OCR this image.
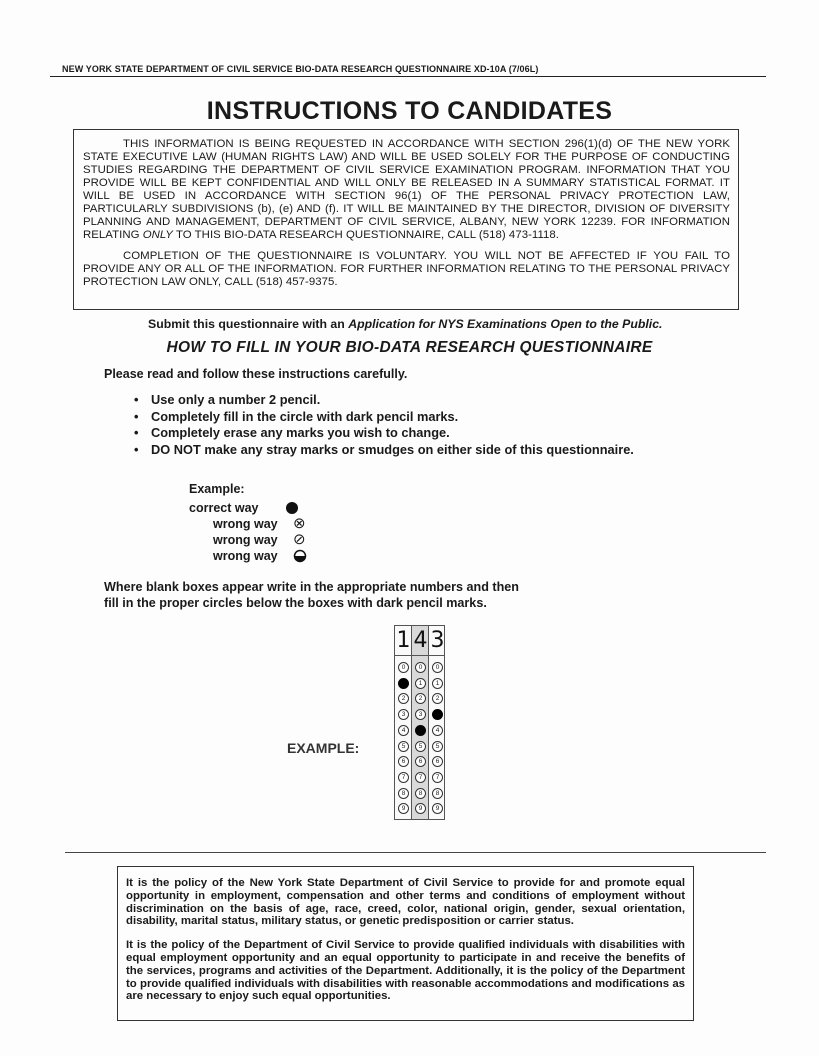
NEW YORK STATE DEPARTMENT OF CIVIL SERVICE BIO-DATA RESEARCH QUESTIONNAIRE XD-10A (7/06L)
INSTRUCTIONS TO CANDIDATES

THIS INFORMATION IS BEING REQUESTED IN ACCORDANCE WITH SECTION 296(1)(d) OF THE NEW YORK STATE EXECUTIVE LAW (HUMAN RIGHTS LAW) AND WILL BE USED SOLELY FOR THE PURPOSE OF CONDUCTING STUDIES REGARDING THE DEPARTMENT OF CIVIL SERVICE EXAMINATION PROGRAM. INFORMATION THAT YOU PROVIDE WILL BE KEPT CONFIDENTIAL AND WILL ONLY BE RELEASED IN A SUMMARY STATISTICAL FORMAT. IT WILL BE USED IN ACCORDANCE WITH SECTION 96(1) OF THE PERSONAL PRIVACY PROTECTION LAW, PARTICULARLY SUBDIVISIONS (b), (e) AND (f). IT WILL BE MAINTAINED BY THE DIRECTOR, DIVISION OF DIVERSITY PLANNING AND MANAGEMENT, DEPARTMENT OF CIVIL SERVICE, ALBANY, NEW YORK 12239. FOR INFORMATION RELATING ONLY TO THIS BIO-DATA RESEARCH QUESTIONNAIRE, CALL (518) 473-1118.

COMPLETION OF THE QUESTIONNAIRE IS VOLUNTARY. YOU WILL NOT BE AFFECTED IF YOU FAIL TO PROVIDE ANY OR ALL OF THE INFORMATION. FOR FURTHER INFORMATION RELATING TO THE PERSONAL PRIVACY PROTECTION LAW ONLY, CALL (518) 457-9375.

Submit this questionnaire with an Application for NYS Examinations Open to the Public.
HOW TO FILL IN YOUR BIO-DATA RESEARCH QUESTIONNAIRE
Please read and follow these instructions carefully.
• Use only a number 2 pencil.
• Completely fill in the circle with dark pencil marks.
• Completely erase any marks you wish to change.
• DO NOT make any stray marks or smudges on either side of this questionnaire.
Example:
correct way
wrong way ⊗
wrong way ⊘
wrong way
Where blank boxes appear write in the appropriate numbers and then
fill in the proper circles below the boxes with dark pencil marks.
EXAMPLE:
1 4 3
0
1
2
3
4
5
6
7
8
9
0
1
2
3
4
5
6
7
8
9
0
1
2
3
4
5
6
7
8
9

It is the policy of the New York State Department of Civil Service to provide for and promote equal opportunity in employment, compensation and other terms and conditions of employment without discrimination on the basis of age, race, creed, color, national origin, gender, sexual orientation, disability, marital status, military status, or genetic predisposition or carrier status.

It is the policy of the Department of Civil Service to provide qualified individuals with disabilities with equal employment opportunity and an equal opportunity to participate in and receive the benefits of the services, programs and activities of the Department. Additionally, it is the policy of the Department to provide qualified individuals with disabilities with reasonable accommodations and modifications as are necessary to enjoy such equal opportunities.
